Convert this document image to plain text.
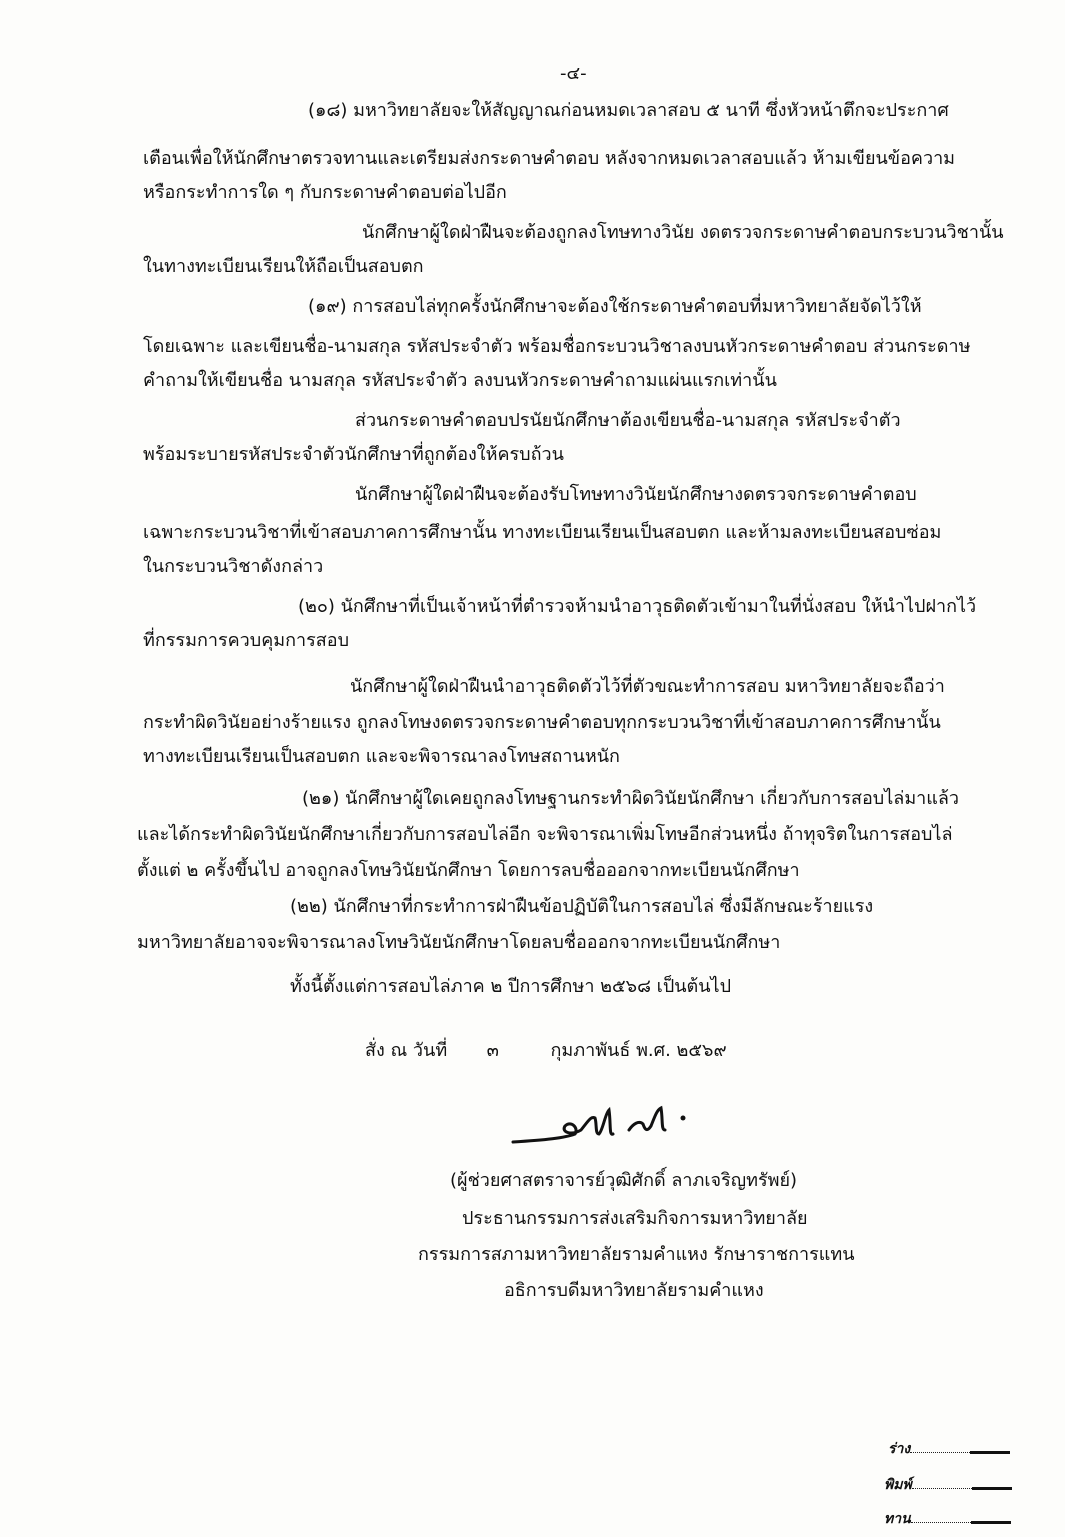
-๔-
(๑๘) มหาวิทยาลัยจะให้สัญญาณก่อนหมดเวลาสอบ ๕ นาที ซึ่งหัวหน้าตึกจะประกาศ
เตือนเพื่อให้นักศึกษาตรวจทานและเตรียมส่งกระดาษคำตอบ หลังจากหมดเวลาสอบแล้ว ห้ามเขียนข้อความ
หรือกระทำการใด ๆ กับกระดาษคำตอบต่อไปอีก
นักศึกษาผู้ใดฝ่าฝืนจะต้องถูกลงโทษทางวินัย งดตรวจกระดาษคำตอบกระบวนวิชานั้น
ในทางทะเบียนเรียนให้ถือเป็นสอบตก
(๑๙) การสอบไล่ทุกครั้งนักศึกษาจะต้องใช้กระดาษคำตอบที่มหาวิทยาลัยจัดไว้ให้
โดยเฉพาะ และเขียนชื่อ-นามสกุล รหัสประจำตัว พร้อมชื่อกระบวนวิชาลงบนหัวกระดาษคำตอบ ส่วนกระดาษ
คำถามให้เขียนชื่อ นามสกุล รหัสประจำตัว ลงบนหัวกระดาษคำถามแผ่นแรกเท่านั้น
ส่วนกระดาษคำตอบปรนัยนักศึกษาต้องเขียนชื่อ-นามสกุล รหัสประจำตัว
พร้อมระบายรหัสประจำตัวนักศึกษาที่ถูกต้องให้ครบถ้วน
นักศึกษาผู้ใดฝ่าฝืนจะต้องรับโทษทางวินัยนักศึกษางดตรวจกระดาษคำตอบ
เฉพาะกระบวนวิชาที่เข้าสอบภาคการศึกษานั้น ทางทะเบียนเรียนเป็นสอบตก และห้ามลงทะเบียนสอบซ่อม
ในกระบวนวิชาดังกล่าว
(๒๐) นักศึกษาที่เป็นเจ้าหน้าที่ตำรวจห้ามนำอาวุธติดตัวเข้ามาในที่นั่งสอบ ให้นำไปฝากไว้
ที่กรรมการควบคุมการสอบ
นักศึกษาผู้ใดฝ่าฝืนนำอาวุธติดตัวไว้ที่ตัวขณะทำการสอบ มหาวิทยาลัยจะถือว่า
กระทำผิดวินัยอย่างร้ายแรง ถูกลงโทษงดตรวจกระดาษคำตอบทุกกระบวนวิชาที่เข้าสอบภาคการศึกษานั้น
ทางทะเบียนเรียนเป็นสอบตก และจะพิจารณาลงโทษสถานหนัก
(๒๑) นักศึกษาผู้ใดเคยถูกลงโทษฐานกระทำผิดวินัยนักศึกษา เกี่ยวกับการสอบไล่มาแล้ว
และได้กระทำผิดวินัยนักศึกษาเกี่ยวกับการสอบไล่อีก จะพิจารณาเพิ่มโทษอีกส่วนหนึ่ง ถ้าทุจริตในการสอบไล่
ตั้งแต่ ๒ ครั้งขึ้นไป อาจถูกลงโทษวินัยนักศึกษา โดยการลบชื่อออกจากทะเบียนนักศึกษา
(๒๒) นักศึกษาที่กระทำการฝ่าฝืนข้อปฏิบัติในการสอบไล่ ซึ่งมีลักษณะร้ายแรง
มหาวิทยาลัยอาจจะพิจารณาลงโทษวินัยนักศึกษาโดยลบชื่อออกจากทะเบียนนักศึกษา
ทั้งนี้ตั้งแต่การสอบไล่ภาค ๒ ปีการศึกษา ๒๕๖๘ เป็นต้นไป
สั่ง ณ วันที่ ๓	กุมภาพันธ์ พ.ศ. ๒๕๖๙
(ผู้ช่วยศาสตราจารย์วุฒิศักดิ์ ลาภเจริญทรัพย์)
ประธานกรรมการส่งเสริมกิจการมหาวิทยาลัย
กรรมการสภามหาวิทยาลัยรามคำแหง รักษาราชการแทน
อธิการบดีมหาวิทยาลัยรามคำแหง
ร่าง
พิมพ์
ทาน
